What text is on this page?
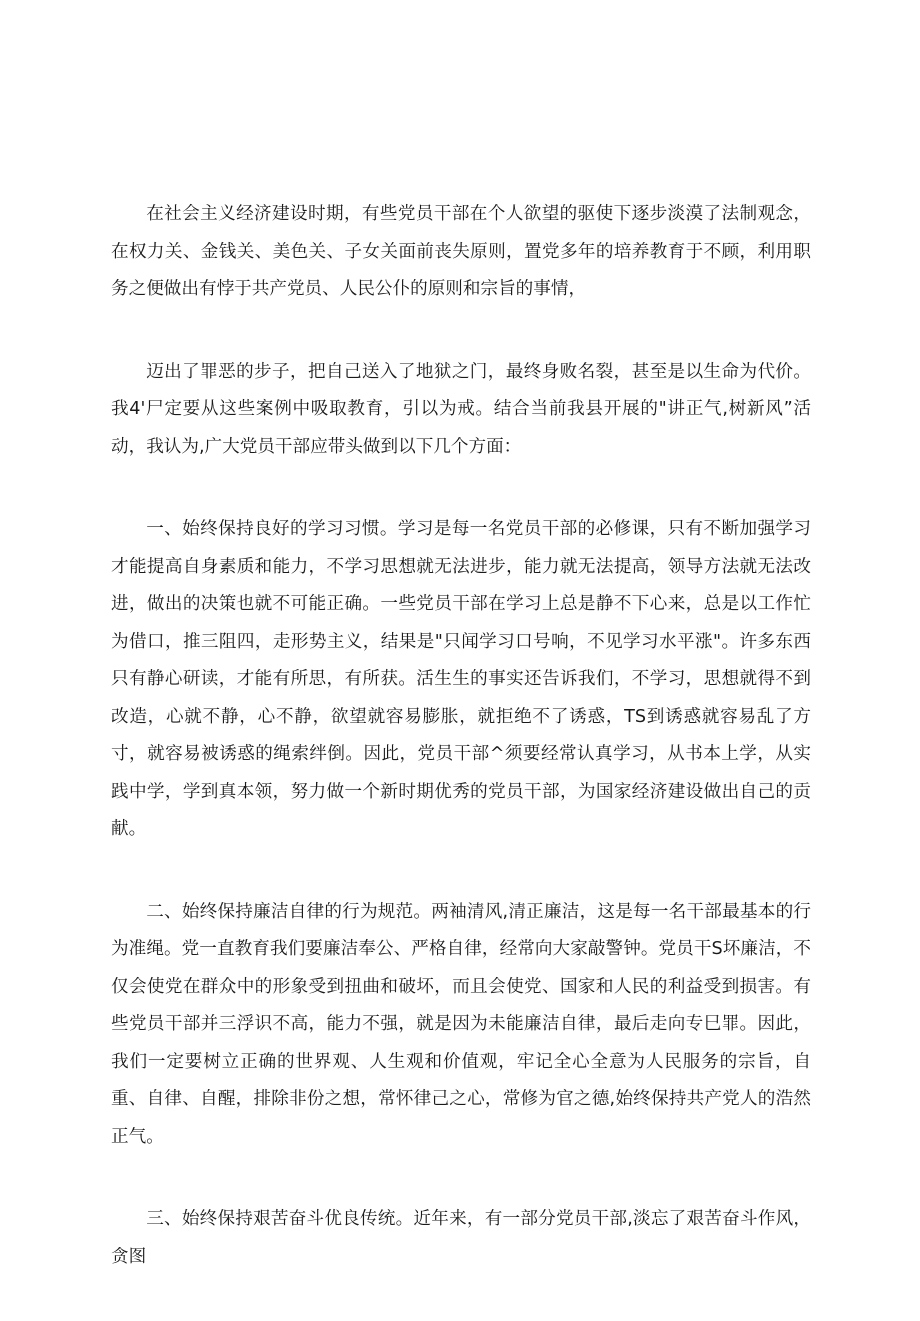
在社会主义经济建设时期，有些党员干部在个人欲望的驱使下逐步淡漠了法制观念，在权力关、金钱关、美色关、子女关面前丧失原则，置党多年的培养教育于不顾，利用职务之便做出有悖于共产党员、人民公仆的原则和宗旨的事情，

迈出了罪恶的步子，把自己送入了地狱之门，最终身败名裂，甚至是以生命为代价。我4'尸定要从这些案例中吸取教育，引以为戒。结合当前我县开展的"讲正气,树新风”活动，我认为,广大党员干部应带头做到以下几个方面：

一、始终保持良好的学习习惯。学习是每一名党员干部的必修课，只有不断加强学习才能提高自身素质和能力，不学习思想就无法进步，能力就无法提高，领导方法就无法改进，做出的决策也就不可能正确。一些党员干部在学习上总是静不下心来，总是以工作忙为借口，推三阻四，走形势主义，结果是"只闻学习口号响，不见学习水平涨"。许多东西只有静心研读，才能有所思，有所获。活生生的事实还告诉我们，不学习，思想就得不到改造，心就不静，心不静，欲望就容易膨胀，就拒绝不了诱惑，TS到诱惑就容易乱了方寸，就容易被诱惑的绳索绊倒。因此，党员干部^须要经常认真学习，从书本上学，从实践中学，学到真本领，努力做一个新时期优秀的党员干部，为国家经济建设做出自己的贡献。

二、始终保持廉洁自律的行为规范。两袖清风,清正廉洁，这是每一名干部最基本的行为准绳。党一直教育我们要廉洁奉公、严格自律，经常向大家敲警钟。党员干S坏廉洁，不仅会使党在群众中的形象受到扭曲和破坏，而且会使党、国家和人民的利益受到损害。有些党员干部并三浮识不高，能力不强，就是因为未能廉洁自律，最后走向专巳罪。因此，我们一定要树立正确的世界观、人生观和价值观，牢记全心全意为人民服务的宗旨，自重、自律、自醒，排除非份之想，常怀律己之心，常修为官之德,始终保持共产党人的浩然正气。

三、始终保持艰苦奋斗优良传统。近年来，有一部分党员干部,淡忘了艰苦奋斗作风，贪图
